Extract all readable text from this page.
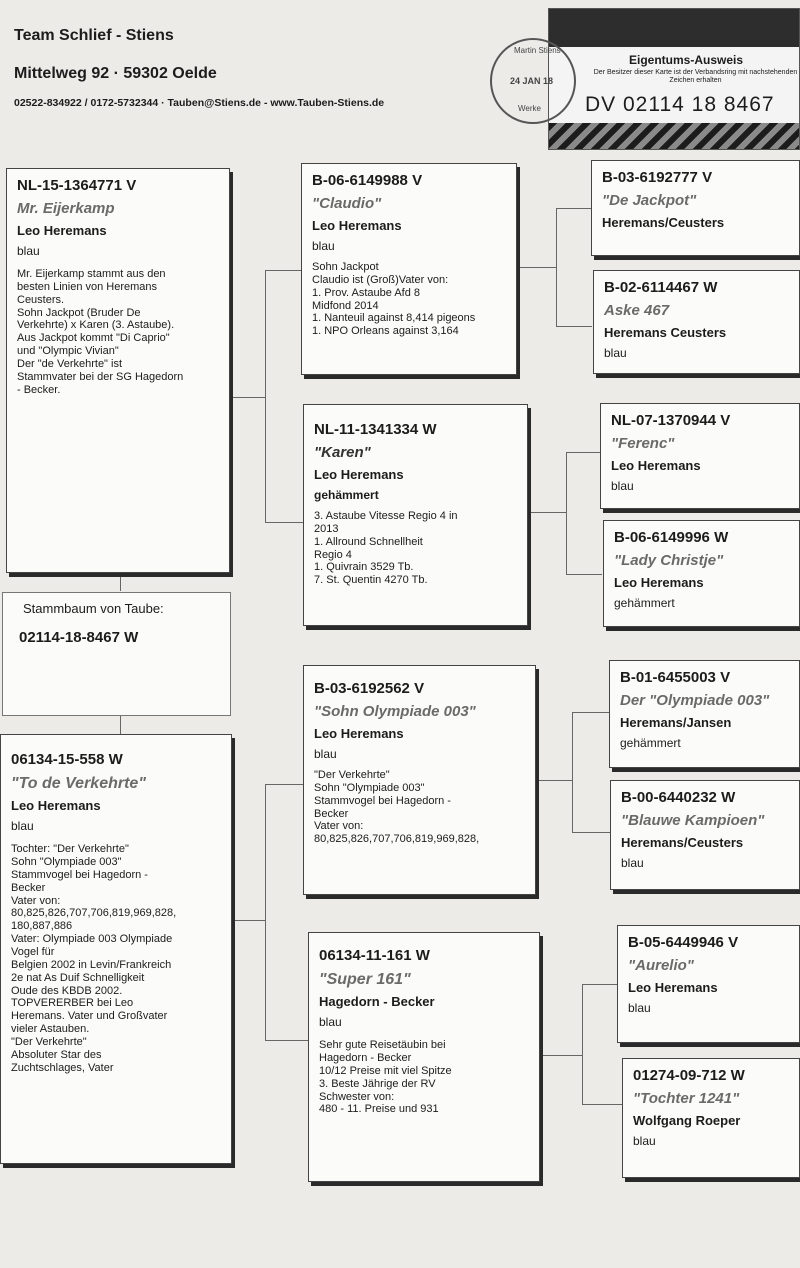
Team Schlief - Stiens
Mittelweg 92 · 59302 Oelde
02522-834922 / 0172-5732344 · Tauben@Stiens.de - www.Tauben-Stiens.de
Eigentums-Ausweis
Der Besitzer dieser Karte ist der Verbandsring mit nachstehenden Zeichen erhalten
DV 02114 18 8467
Martin Stiens
24 JAN 18
Werke
NL-15-1364771 V
Mr. Eijerkamp
Leo Heremans
blau
Mr. Eijerkamp stammt aus den
besten Linien von Heremans
Ceusters.
Sohn Jackpot (Bruder De
Verkehrte) x Karen (3. Astaube).
Aus Jackpot kommt "Di Caprio"
und "Olympic Vivian"
Der "de Verkehrte" ist
Stammvater bei der SG Hagedorn
- Becker.
Stammbaum von Taube:
02114-18-8467 W
06134-15-558 W
"To de Verkehrte"
Leo Heremans
blau
Tochter: "Der Verkehrte"
Sohn "Olympiade 003"
Stammvogel bei Hagedorn -
Becker
Vater von:
80,825,826,707,706,819,969,828,
180,887,886
Vater: Olympiade 003 Olympiade
Vogel für
Belgien 2002 in Levin/Frankreich
2e nat As Duif Schnelligkeit
Oude des KBDB 2002.
TOPVERERBER bei Leo
Heremans. Vater und Großvater
vieler Astauben.
"Der Verkehrte"
Absoluter Star des
Zuchtschlages, Vater
B-06-6149988 V
"Claudio"
Leo Heremans
blau
Sohn Jackpot
Claudio ist (Groß)Vater von:
1. Prov. Astaube Afd 8
Midfond 2014
1. Nanteuil against 8,414 pigeons
1. NPO Orleans against 3,164
NL-11-1341334 W
"Karen"
Leo Heremans
gehämmert
3. Astaube Vitesse Regio 4 in
2013
1. Allround Schnellheit
Regio 4
1. Quivrain 3529 Tb.
7. St. Quentin 4270 Tb.
B-03-6192562 V
"Sohn Olympiade 003"
Leo Heremans
blau
"Der Verkehrte"
Sohn "Olympiade 003"
Stammvogel bei Hagedorn -
Becker
Vater von:
80,825,826,707,706,819,969,828,
06134-11-161 W
"Super 161"
Hagedorn - Becker
blau
Sehr gute Reisetäubin bei
Hagedorn - Becker
10/12 Preise mit viel Spitze
3. Beste Jährige der RV
Schwester von:
480 - 11. Preise und 931
B-03-6192777 V
"De Jackpot"
Heremans/Ceusters
B-02-6114467 W
Aske 467
Heremans Ceusters
blau
NL-07-1370944 V
"Ferenc"
Leo Heremans
blau
B-06-6149996 W
"Lady Christje"
Leo Heremans
gehämmert
B-01-6455003 V
Der "Olympiade 003"
Heremans/Jansen
gehämmert
B-00-6440232 W
"Blauwe Kampioen"
Heremans/Ceusters
blau
B-05-6449946 V
"Aurelio"
Leo Heremans
blau
01274-09-712 W
"Tochter 1241"
Wolfgang Roeper
blau
